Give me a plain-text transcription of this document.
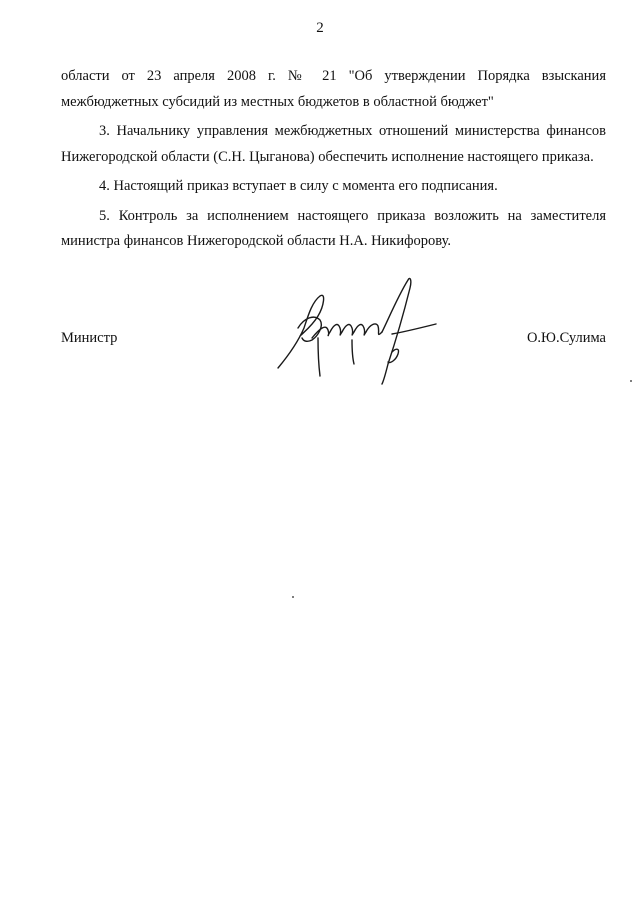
2

области от 23 апреля 2008 г. № 21 "Об утверждении Порядка взыскания межбюджетных субсидий из местных бюджетов в областной бюджет"

3. Начальнику управления межбюджетных отношений министерства финансов Нижегородской области (С.Н. Цыганова) обеспечить исполнение настоящего приказа.

4. Настоящий приказ вступает в силу с момента его подписания.

5. Контроль за исполнением настоящего приказа возложить на заместителя министра финансов Нижегородской области Н.А. Никифорову.

Министр	О.Ю.Сулима
